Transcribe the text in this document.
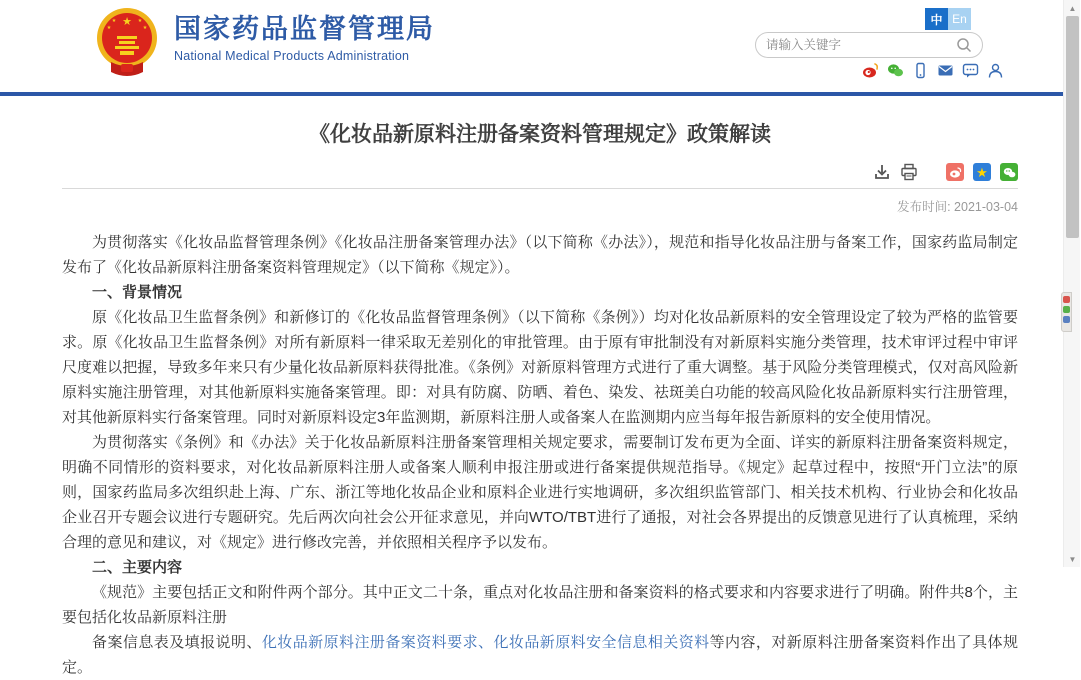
★
★	★
★	★ 国家药品监督管理局
National Medical Products Administration
中 En
请输入关键字
《化妆品新原料注册备案资料管理规定》政策解读
★
发布时间: 2021-03-04

为贯彻落实《化妆品监督管理条例》《化妆品注册备案管理办法》（以下简称《办法》），规范和指导化妆品注册与备案工作，国家药监局制定发布了《化妆品新原料注册备案资料管理规定》（以下简称《规定》）。

一、背景情况

原《化妆品卫生监督条例》和新修订的《化妆品监督管理条例》（以下简称《条例》）均对化妆品新原料的安全管理设定了较为严格的监管要求。原《化妆品卫生监督条例》对所有新原料一律采取无差别化的审批管理。由于原有审批制没有对新原料实施分类管理，技术审评过程中审评尺度难以把握，导致多年来只有少量化妆品新原料获得批准。《条例》对新原料管理方式进行了重大调整。基于风险分类管理模式，仅对高风险新原料实施注册管理，对其他新原料实施备案管理。即：对具有防腐、防晒、着色、染发、祛斑美白功能的较高风险化妆品新原料实行注册管理，对其他新原料实行备案管理。同时对新原料设定3年监测期，新原料注册人或备案人在监测期内应当每年报告新原料的安全使用情况。

为贯彻落实《条例》和《办法》关于化妆品新原料注册备案管理相关规定要求，需要制订发布更为全面、详实的新原料注册备案资料规定，明确不同情形的资料要求，对化妆品新原料注册人或备案人顺利申报注册或进行备案提供规范指导。《规定》起草过程中，按照“开门立法”的原则，国家药监局多次组织赴上海、广东、浙江等地化妆品企业和原料企业进行实地调研，多次组织监管部门、相关技术机构、行业协会和化妆品企业召开专题会议进行专题研究。先后两次向社会公开征求意见，并向WTO/TBT进行了通报，对社会各界提出的反馈意见进行了认真梳理，采纳合理的意见和建议，对《规定》进行修改完善，并依照相关程序予以发布。

二、主要内容

《规范》主要包括正文和附件两个部分。其中正文二十条，重点对化妆品注册和备案资料的格式要求和内容要求进行了明确。附件共8个，主要包括化妆品新原料注册

备案信息表及填报说明、化妆品新原料注册备案资料要求、化妆品新原料安全信息相关资料等内容，对新原料注册备案资料作出了具体规定。

▲
▼
